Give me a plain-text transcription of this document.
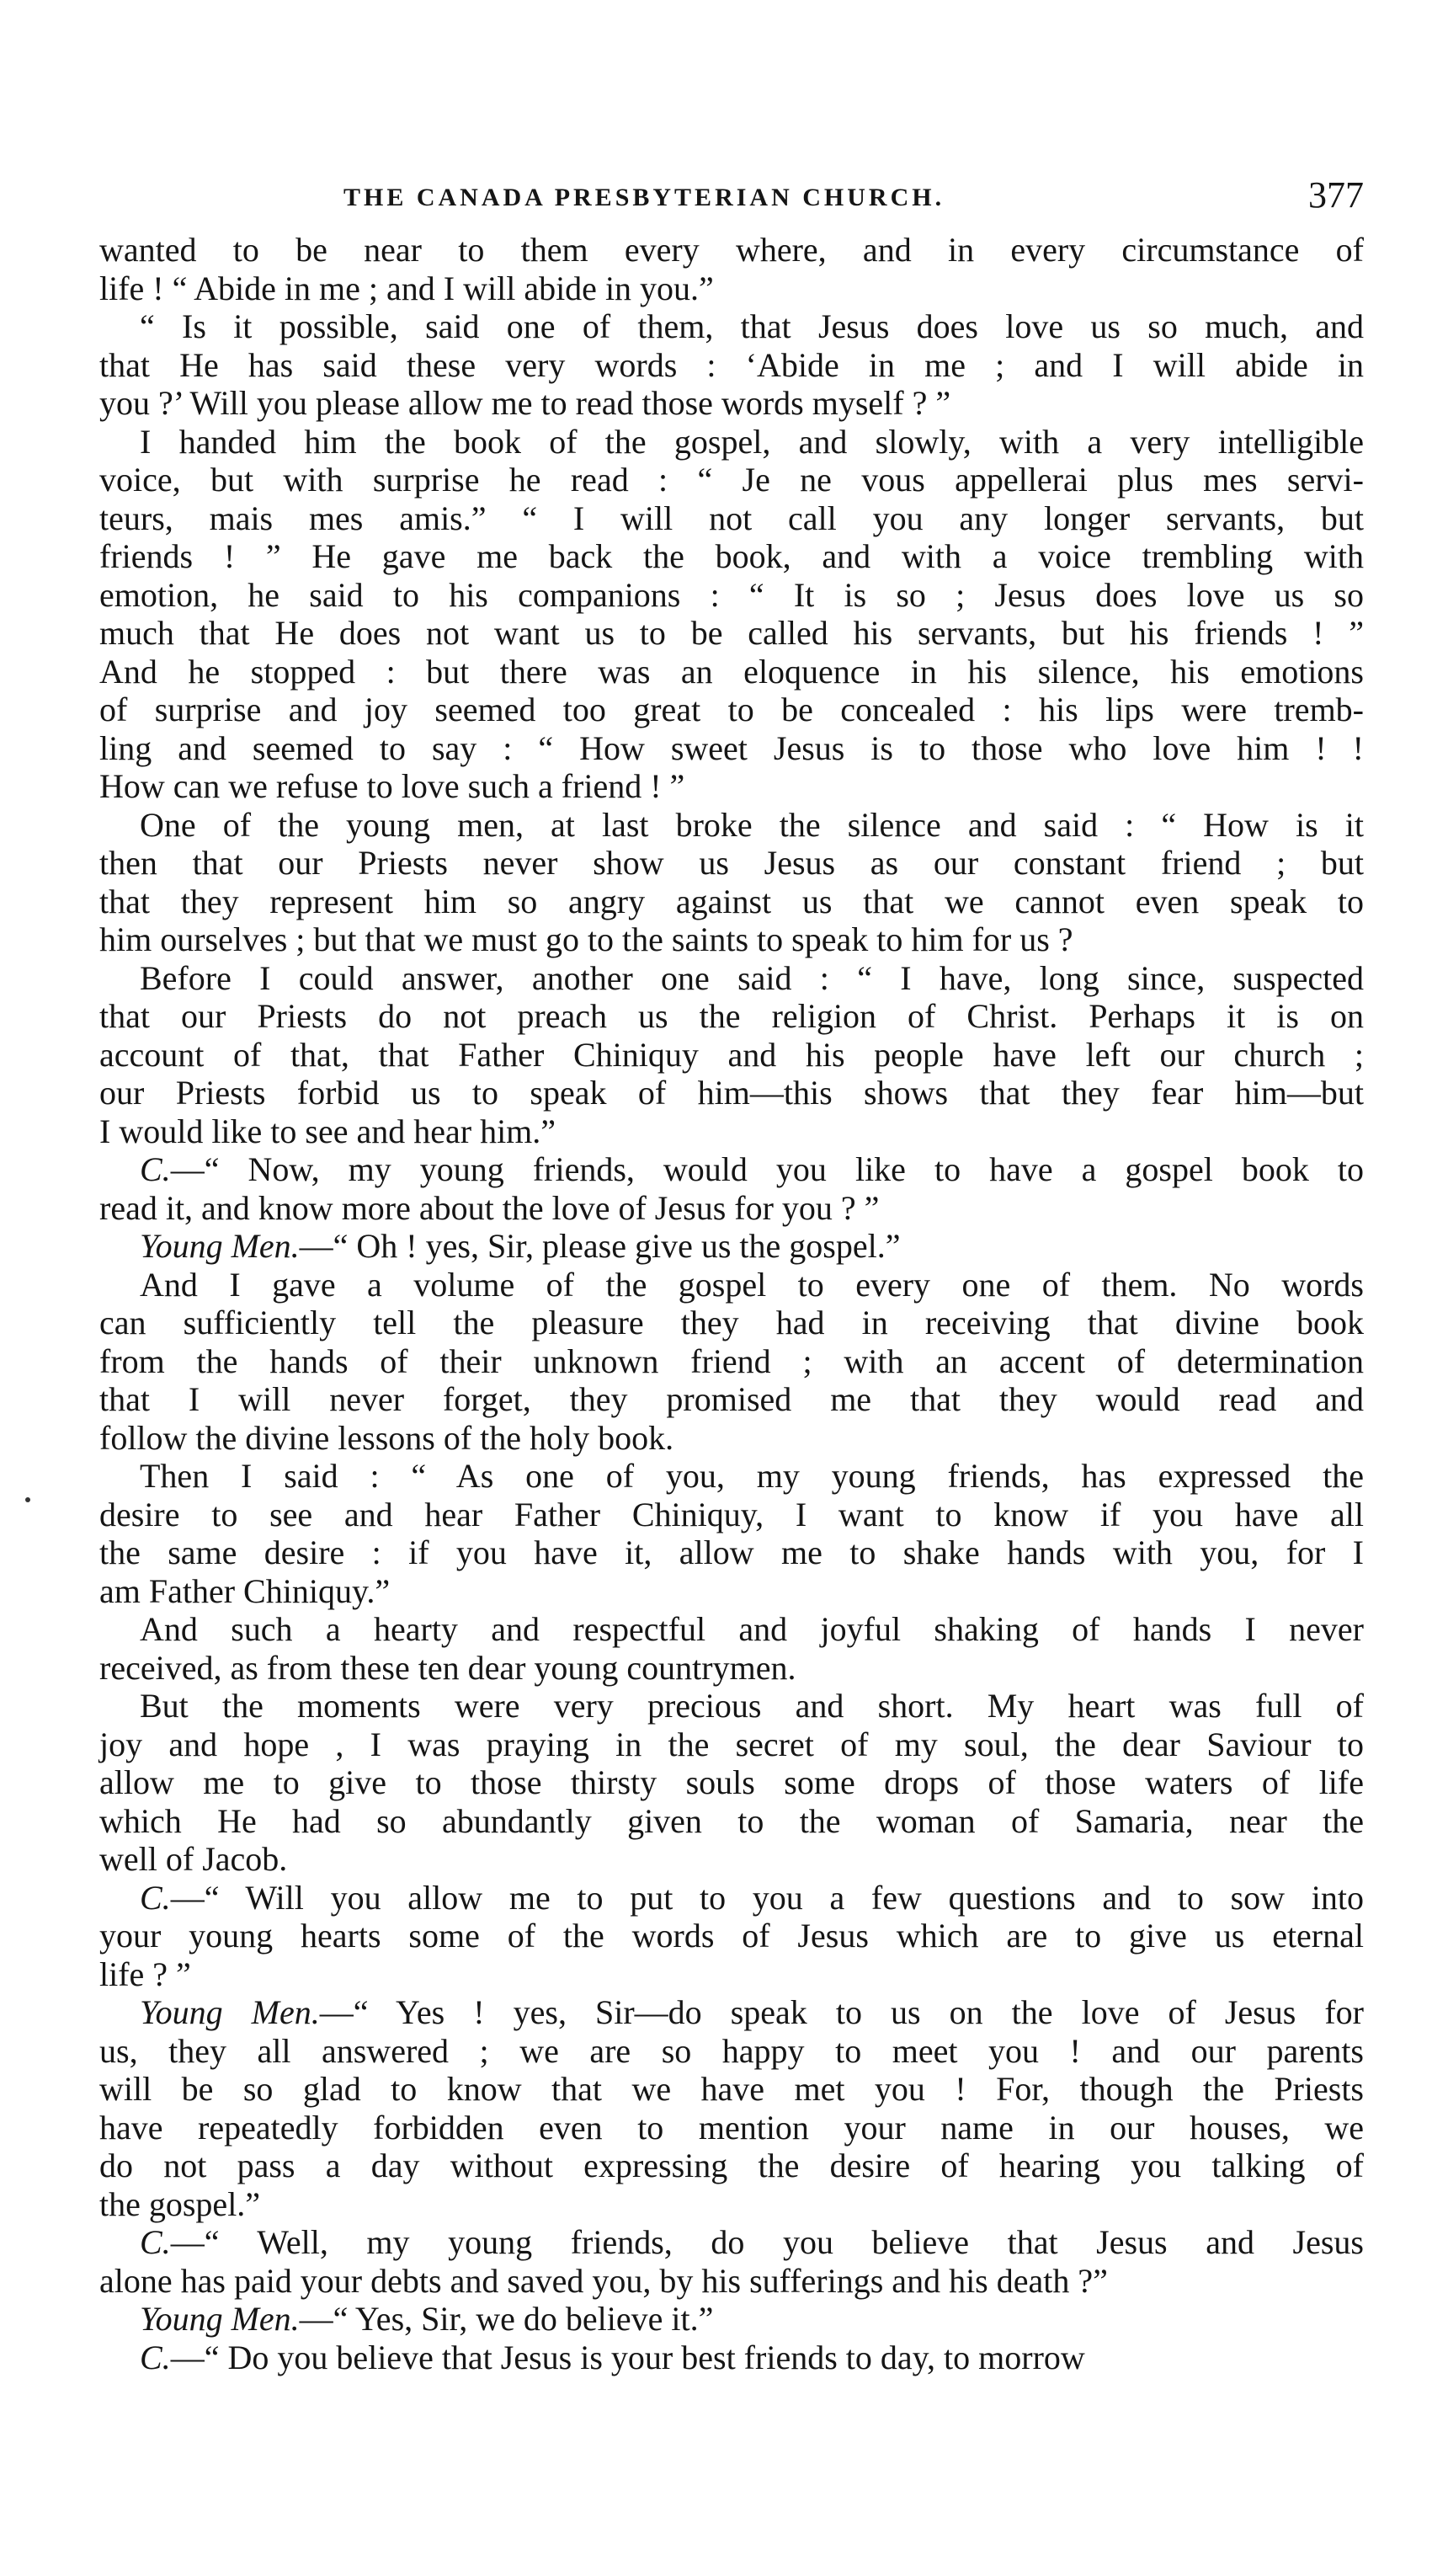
THE CANADA PRESBYTERIAN CHURCH.	377
wanted to be near to them every where, and in every circumstance of
life ! “ Abide in me ; and I will abide in you.”
“ Is it possible, said one of them, that Jesus does love us so much, and
that He has said these very words : ‘Abide in me ; and I will abide in
you ?’ Will you please allow me to read those words myself ? ”
I handed him the book of the gospel, and slowly, with a very intelligible
voice, but with surprise he read : “ Je ne vous appellerai plus mes servi-
teurs, mais mes amis.” “ I will not call you any longer servants, but
friends ! ” He gave me back the book, and with a voice trembling with
emotion, he said to his companions : “ It is so ; Jesus does love us so
much that He does not want us to be called his servants, but his friends ! ”
And he stopped : but there was an eloquence in his silence, his emotions
of surprise and joy seemed too great to be concealed : his lips were tremb-
ling and seemed to say : “ How sweet Jesus is to those who love him ! !
How can we refuse to love such a friend ! ”
One of the young men, at last broke the silence and said : “ How is it
then that our Priests never show us Jesus as our constant friend ; but
that they represent him so angry against us that we cannot even speak to
him ourselves ; but that we must go to the saints to speak to him for us ?
Before I could answer, another one said : “ I have, long since, suspected
that our Priests do not preach us the religion of Christ. Perhaps it is on
account of that, that Father Chiniquy and his people have left our church ;
our Priests forbid us to speak of him—this shows that they fear him—but
I would like to see and hear him.”
C.—“ Now, my young friends, would you like to have a gospel book to
read it, and know more about the love of Jesus for you ? ”
Young Men.—“ Oh ! yes, Sir, please give us the gospel.”
And I gave a volume of the gospel to every one of them. No words
can sufficiently tell the pleasure they had in receiving that divine book
from the hands of their unknown friend ; with an accent of determination
that I will never forget, they promised me that they would read and
follow the divine lessons of the holy book.
Then I said : “ As one of you, my young friends, has expressed the
desire to see and hear Father Chiniquy, I want to know if you have all
the same desire : if you have it, allow me to shake hands with you, for I
am Father Chiniquy.”
And such a hearty and respectful and joyful shaking of hands I never
received, as from these ten dear young countrymen.
But the moments were very precious and short. My heart was full of
joy and hope , I was praying in the secret of my soul, the dear Saviour to
allow me to give to those thirsty souls some drops of those waters of life
which He had so abundantly given to the woman of Samaria, near the
well of Jacob.
C.—“ Will you allow me to put to you a few questions and to sow into
your young hearts some of the words of Jesus which are to give us eternal
life ? ”
Young Men.—“ Yes ! yes, Sir—do speak to us on the love of Jesus for
us, they all answered ; we are so happy to meet you ! and our parents
will be so glad to know that we have met you ! For, though the Priests
have repeatedly forbidden even to mention your name in our houses, we
do not pass a day without expressing the desire of hearing you talking of
the gospel.”
C.—“ Well, my young friends, do you believe that Jesus and Jesus
alone has paid your debts and saved you, by his sufferings and his death ?”
Young Men.—“ Yes, Sir, we do believe it.”
C.—“ Do you believe that Jesus is your best friends to day, to morrow
